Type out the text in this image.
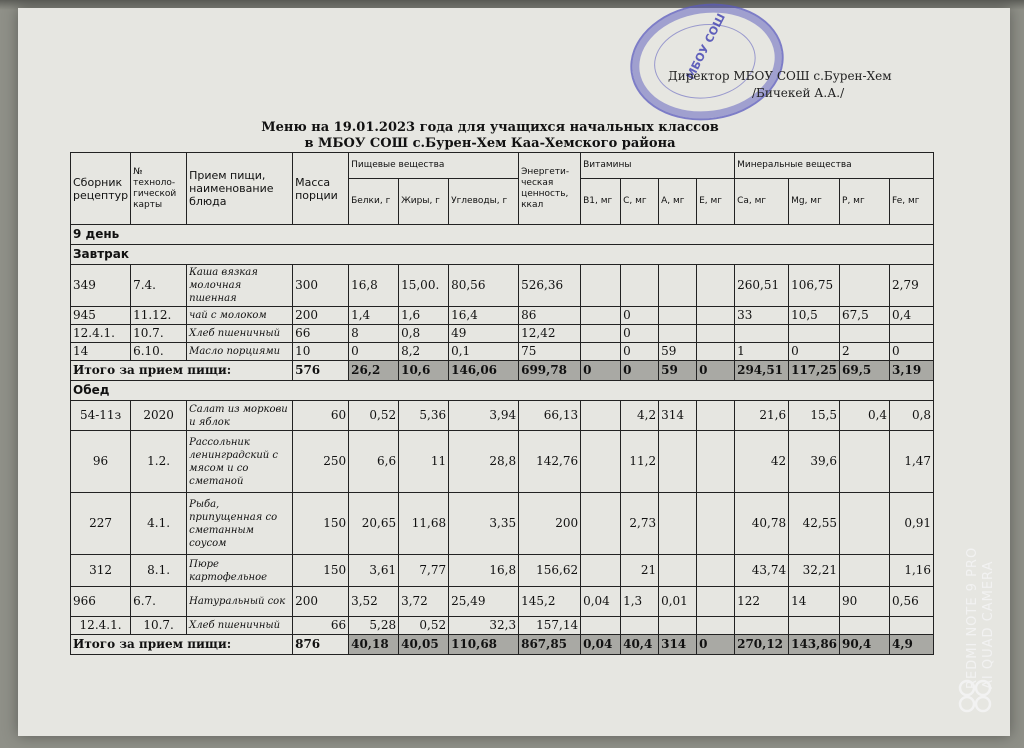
МБОУ СОШ
Директор МБОУ СОШ с.Бурен-Хем
/Бичекей А.А./
Меню на 19.01.2023 года для учащихся начальных классов
в МБОУ СОШ с.Бурен-Хем Каа-Хемского района
Сборник рецептур	№ техноло-гической карты	Прием пищи, наименование блюда	Масса порции	Пищевые вещества			Энергети-ческая ценность, ккал	Витамины				Минеральные вещества			
				Белки, г	Жиры, г	Углеводы, г		В1, мг	С, мг	А, мг	Е, мг	Са, мг	Mg, мг	Р, мг	Fe, мг
9 день															
Завтрак															
349	7.4.	Каша вязкая молочная пшенная	300	16,8	15,00.	80,56	526,36					260,51	106,75		2,79
945	11.12.	чай с молоком	200	1,4	1,6	16,4	86		0			33	10,5	67,5	0,4
12.4.1.	10.7.	Хлеб пшеничный	66	8	0,8	49	12,42		0						
14	6.10.	Масло порциями	10	0	8,2	0,1	75		0	59		1	0	2	0
Итого за прием пищи:			576	26,2	10,6	146,06	699,78	0	0	59	0	294,51	117,25	69,5	3,19
Обед															
54-11з	2020	Салат из моркови и яблок	60	0,52	5,36	3,94	66,13		4,2	314		21,6	15,5	0,4	0,8
96	1.2.	Рассольник ленинградский с мясом и со сметаной	250	6,6	11	28,8	142,76		11,2			42	39,6		1,47
227	4.1.	Рыба, припущенная со сметанным соусом	150	20,65	11,68	3,35	200		2,73			40,78	42,55		0,91
312	8.1.	Пюре картофельное	150	3,61	7,77	16,8	156,62		21			43,74	32,21		1,16
966	6.7.	Натуральный сок	200	3,52	3,72	25,49	145,2	0,04	1,3	0,01		122	14	90	0,56
12.4.1.	10.7.	Хлеб пшеничный	66	5,28	0,52	32,3	157,14								
Итого за прием пищи:			876	40,18	40,05	110,68	867,85	0,04	40,4	314	0	270,12	143,86	90,4	4,9	REDMI NOTE 9 PRO AI QUAD CAMERA
